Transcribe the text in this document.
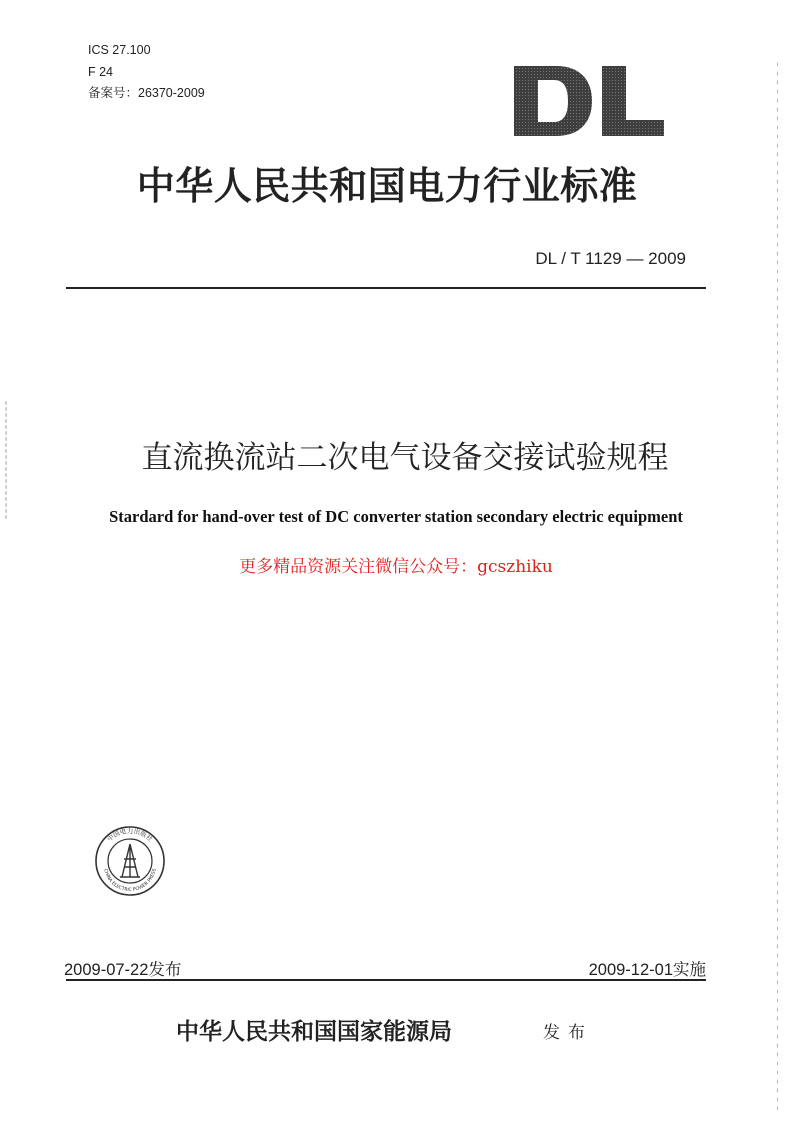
ICS 27.100
F 24
备案号：26370-2009
中华人民共和国电力行业标准
DL / T 1129 — 2009
直流换流站二次电气设备交接试验规程
Stardard for hand-over test of DC converter station secondary electric equipment
更多精品资源关注微信公众号：gcszhiku
中国电力出版社
CHINA ELECTRIC POWER PRESS
2009-07-22发布	2009-12-01实施
中华人民共和国国家能源局	发布
